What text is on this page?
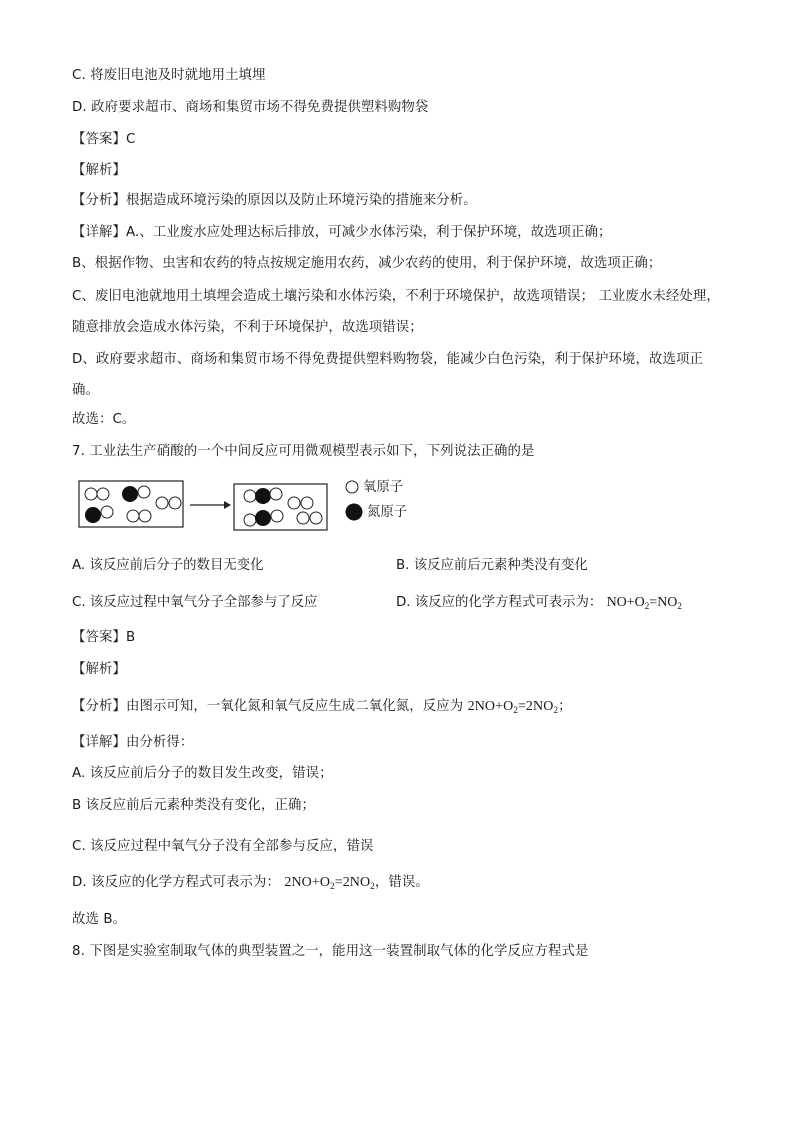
C. 将废旧电池及时就地用土填埋
D. 政府要求超市、商场和集贸市场不得免费提供塑料购物袋
【答案】C
【解析】
【分析】根据造成环境污染的原因以及防止环境污染的措施来分析。
【详解】A.、工业废水应处理达标后排放，可减少水体污染，利于保护环境，故选项正确；
B、根据作物、虫害和农药的特点按规定施用农药，减少农药的使用，利于保护环境，故选项正确；
C、废旧电池就地用土填埋会造成土壤污染和水体污染，不利于环境保护，故选项错误； 工业废水未经处理，随意排放会造成水体污染，不利于环境保护，故选项错误；
D、政府要求超市、商场和集贸市场不得免费提供塑料购物袋，能减少白色污染，利于保护环境，故选项正确。
故选：C。
7. 工业法生产硝酸的一个中间反应可用微观模型表示如下，下列说法正确的是
氧原子
氮原子
A. 该反应前后分子的数目无变化	B. 该反应前后元素种类没有变化
C. 该反应过程中氧气分子全部参与了反应	D. 该反应的化学方程式可表示为： $NO+O_2=NO_2$
【答案】B
【解析】
【分析】由图示可知，一氧化氮和氧气反应生成二氧化氮，反应为 $2NO+O_2=2NO_2$；
【详解】由分析得：
A. 该反应前后分子的数目发生改变，错误；
B 该反应前后元素种类没有变化，正确；
C. 该反应过程中氧气分子没有全部参与反应，错误
D. 该反应的化学方程式可表示为： $2NO+O_2=2NO_2$，错误。
故选 B。
8. 下图是实验室制取气体的典型装置之一，能用这一装置制取气体的化学反应方程式是
